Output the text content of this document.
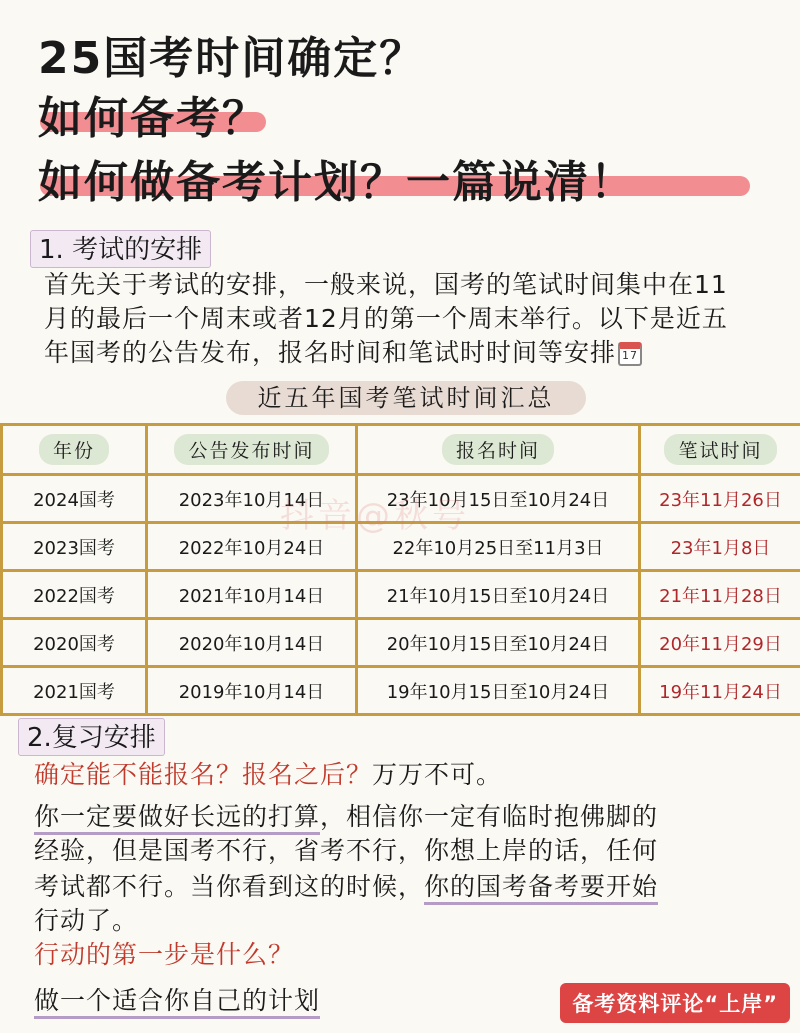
25国考时间确定？
如何备考？
如何做备考计划？一篇说清！
1. 考试的安排
首先关于考试的安排，一般来说，国考的笔试时间集中在11
月的最后一个周末或者12月的第一个周末举行。以下是近五
年国考的公告发布，报名时间和笔试时时间等安排 17
近五年国考笔试时间汇总
年份	公告发布时间	报名时间	笔试时间
2024国考	2023年10月14日	23年10月15日至10月24日	23年11月26日
2023国考	2022年10月24日	22年10月25日至11月3日	23年1月8日
2022国考	2021年10月14日	21年10月15日至10月24日	21年11月28日
2020国考	2020年10月14日	20年10月15日至10月24日	20年11月29日
2021国考	2019年10月14日	19年10月15日至10月24日	19年11月24日
抖音@秋号
2.复习安排
确定能不能报名？报名之后？万万不可。
你一定要做好长远的打算，相信你一定有临时抱佛脚的
经验，但是国考不行，省考不行，你想上岸的话，任何
考试都不行。当你看到这的时候，你的国考备考要开始
行动了。
行动的第一步是什么？
做一个适合你自己的计划	备考资料评论“上岸”
